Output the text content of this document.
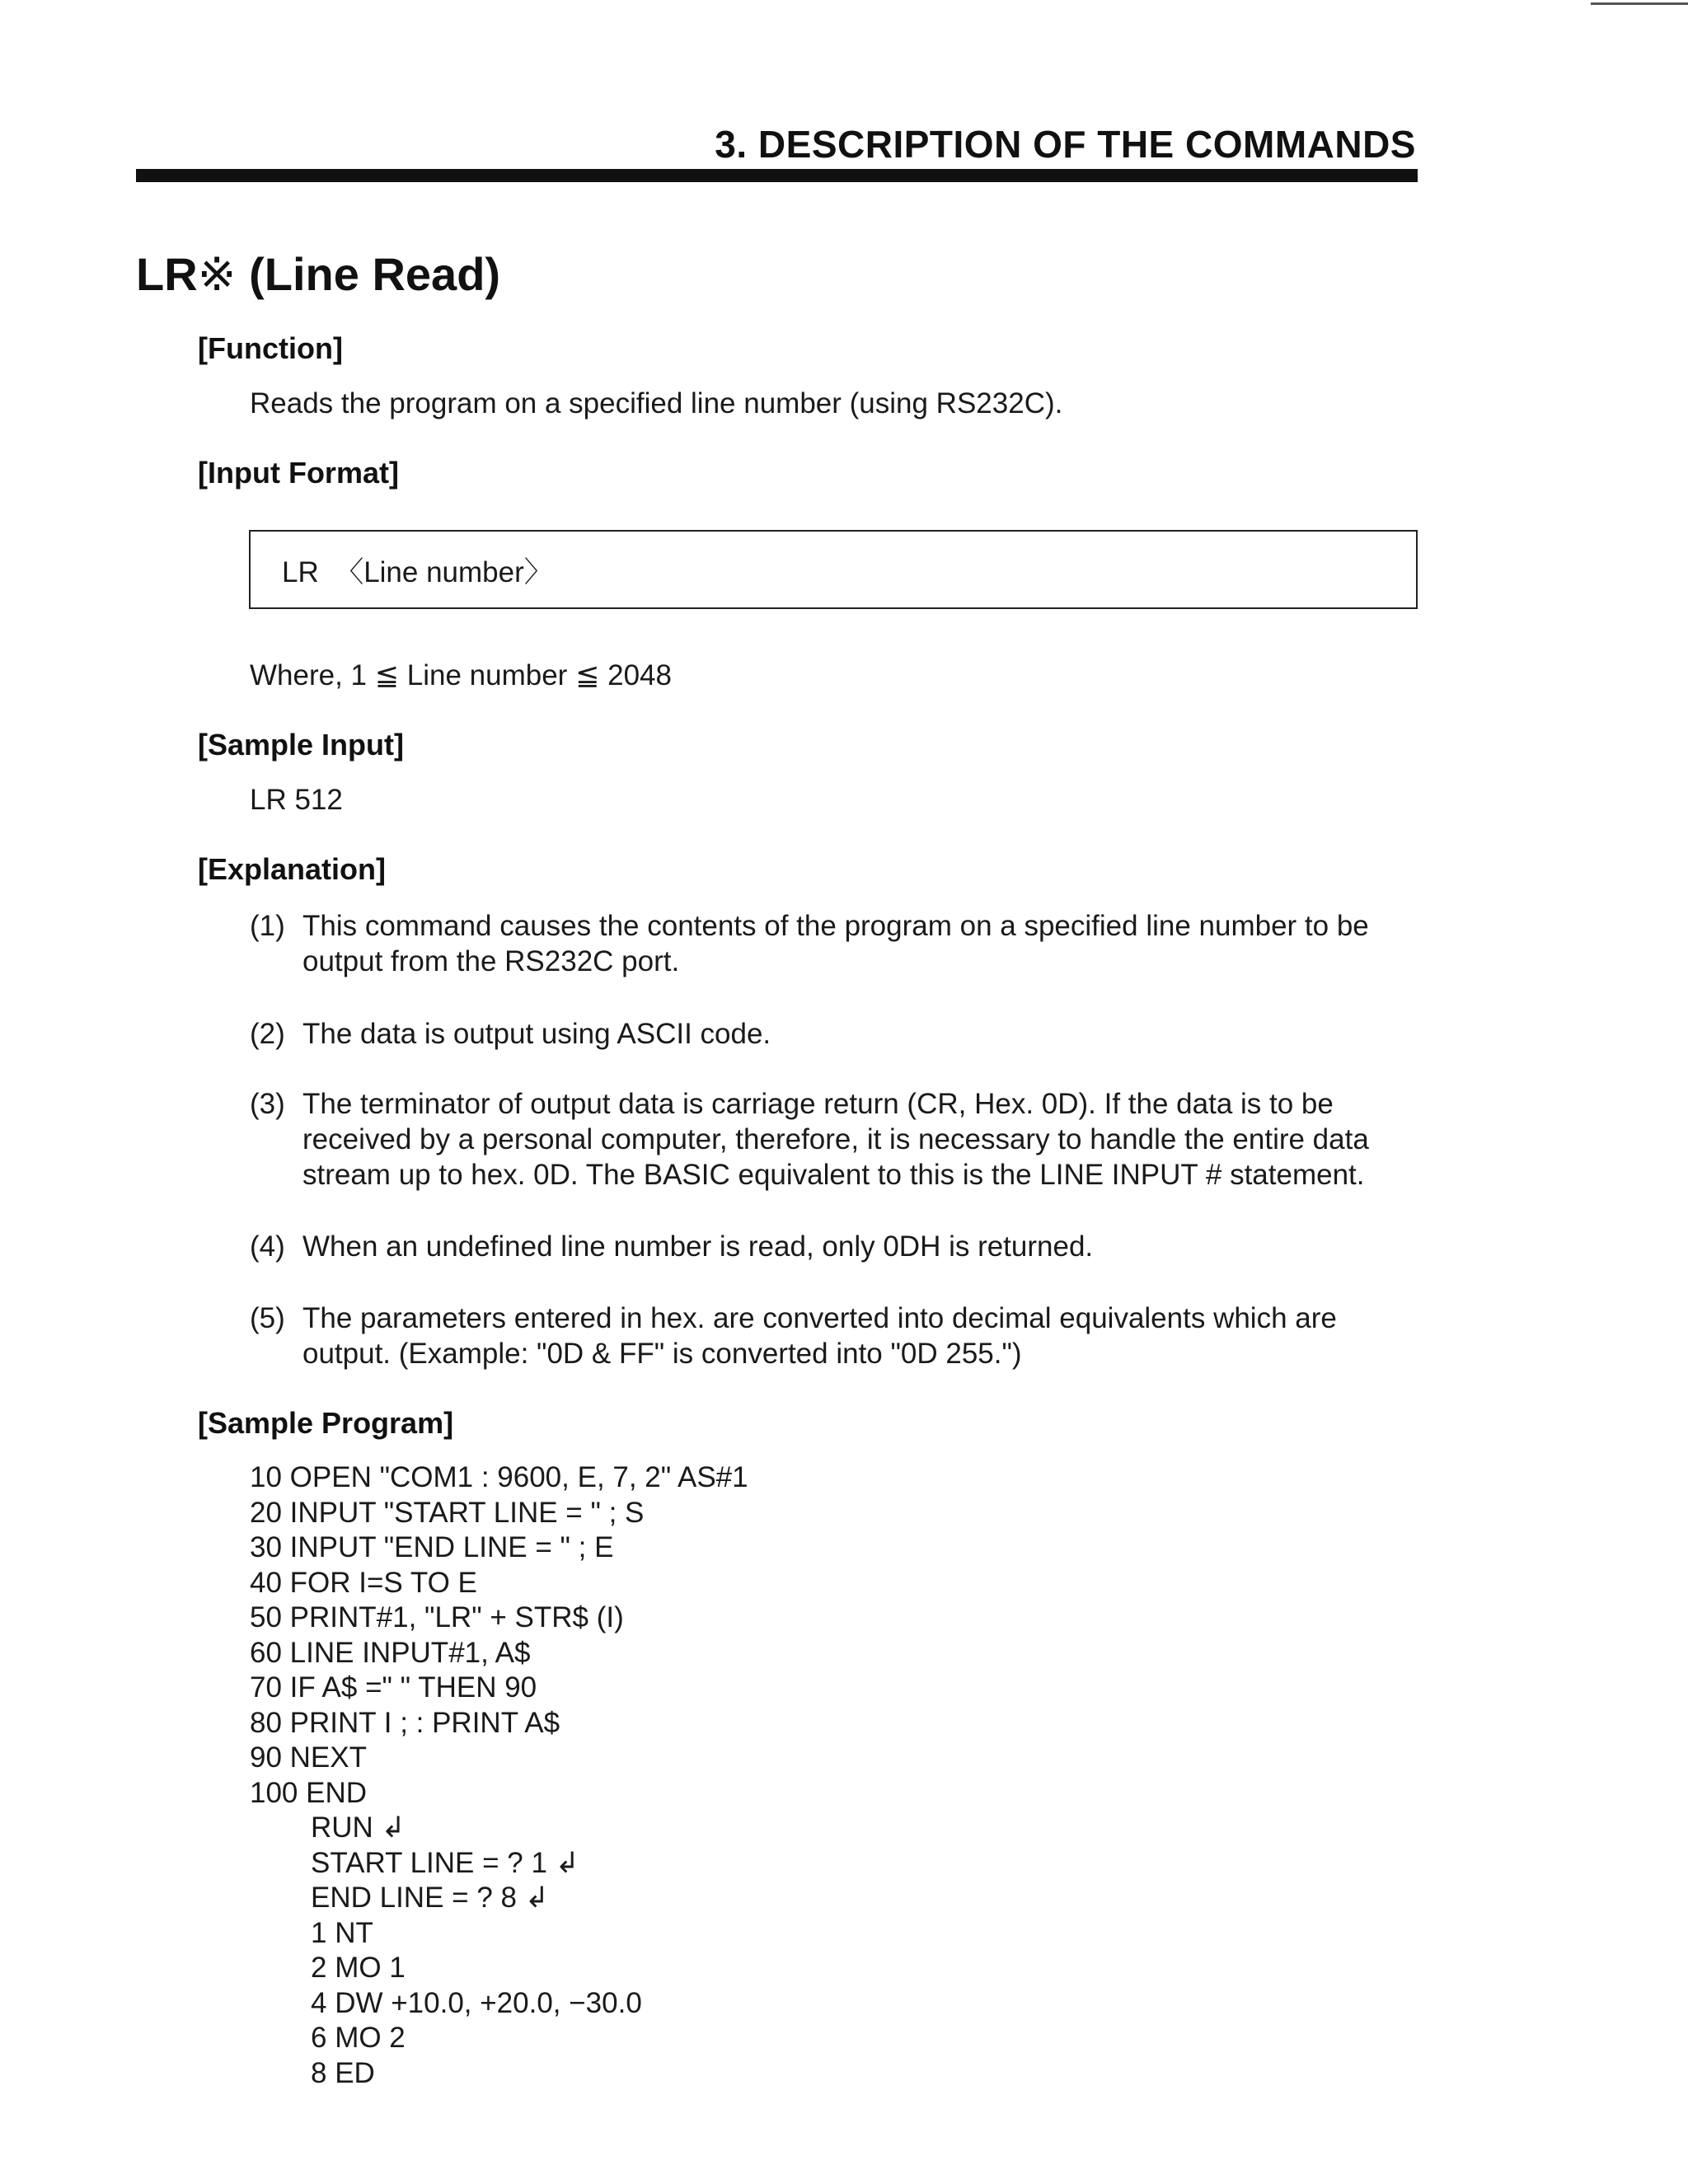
3. DESCRIPTION OF THE COMMANDS
LR※ (Line Read)
[Function]
Reads the program on a specified line number (using RS232C).
[Input Format]
LR  〈Line number〉
Where, 1 ≦ Line number ≦ 2048
[Sample Input]
LR 512
[Explanation]
(1) This command causes the contents of the program on a specified line number to be output from the RS232C port.
(2) The data is output using ASCII code.
(3) The terminator of output data is carriage return (CR, Hex. 0D). If the data is to be received by a personal computer, therefore, it is necessary to handle the entire data stream up to hex. 0D. The BASIC equivalent to this is the LINE INPUT # statement.
(4) When an undefined line number is read, only 0DH is returned.
(5) The parameters entered in hex. are converted into decimal equivalents which are output. (Example: "0D & FF" is converted into "0D 255.")
[Sample Program]
10 OPEN "COM1 : 9600, E, 7, 2" AS#1
20 INPUT "START LINE = " ; S
30 INPUT "END LINE = " ; E
40 FOR I=S TO E
50 PRINT#1, "LR" + STR$ (I)
60 LINE INPUT#1, A$
70 IF A$ =" " THEN 90
80 PRINT I ; : PRINT A$
90 NEXT
100 END
RUN ↲
START LINE = ? 1 ↲
END LINE = ? 8 ↲
1 NT
2 MO 1
4 DW +10.0, +20.0, −30.0
6 MO 2
8 ED
